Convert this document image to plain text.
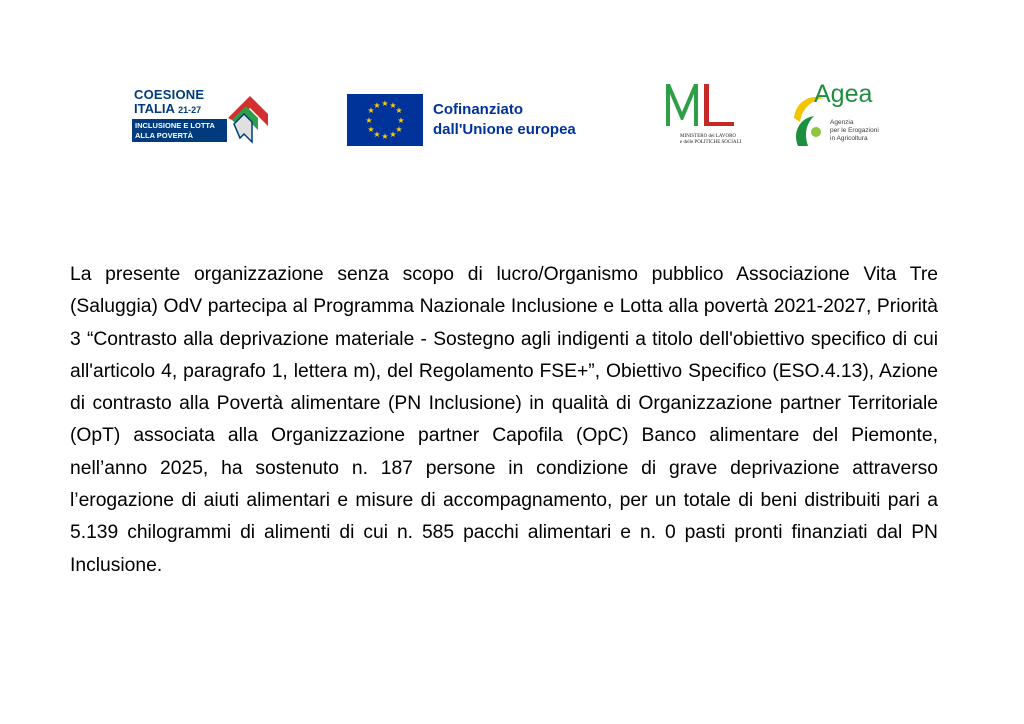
COESIONE
ITALIA 21-27
INCLUSIONE E LOTTA
ALLA POVERTÀ
★ ★
★
★
★
★
★
★
★
★
★
★	Cofinanziato
dall'Unione europea	MINISTERO del LAVORO
e delle POLITICHE SOCIALI
Agea
Agenzia
per le Erogazioni
in Agricoltura

La presente organizzazione senza scopo di lucro/Organismo pubblico Associazione Vita Tre (Saluggia) OdV partecipa al Programma Nazionale Inclusione e Lotta alla povertà 2021-2027, Priorità 3 “Contrasto alla deprivazione materiale - Sostegno agli indigenti a titolo dell'obiettivo specifico di cui all'articolo 4, paragrafo 1, lettera m), del Regolamento FSE+”, Obiettivo Specifico (ESO.4.13), Azione di contrasto alla Povertà alimentare (PN Inclusione) in qualità di Organizzazione partner Territoriale (OpT) associata alla Organizzazione partner Capofila (OpC) Banco alimentare del Piemonte, nell’anno 2025, ha sostenuto n. 187 persone in condizione di grave deprivazione attraverso l’erogazione di aiuti alimentari e misure di accompagnamento, per un totale di beni distribuiti pari a 5.139 chilogrammi di alimenti di cui n. 585 pacchi alimentari e n. 0 pasti pronti finanziati dal PN Inclusione.
